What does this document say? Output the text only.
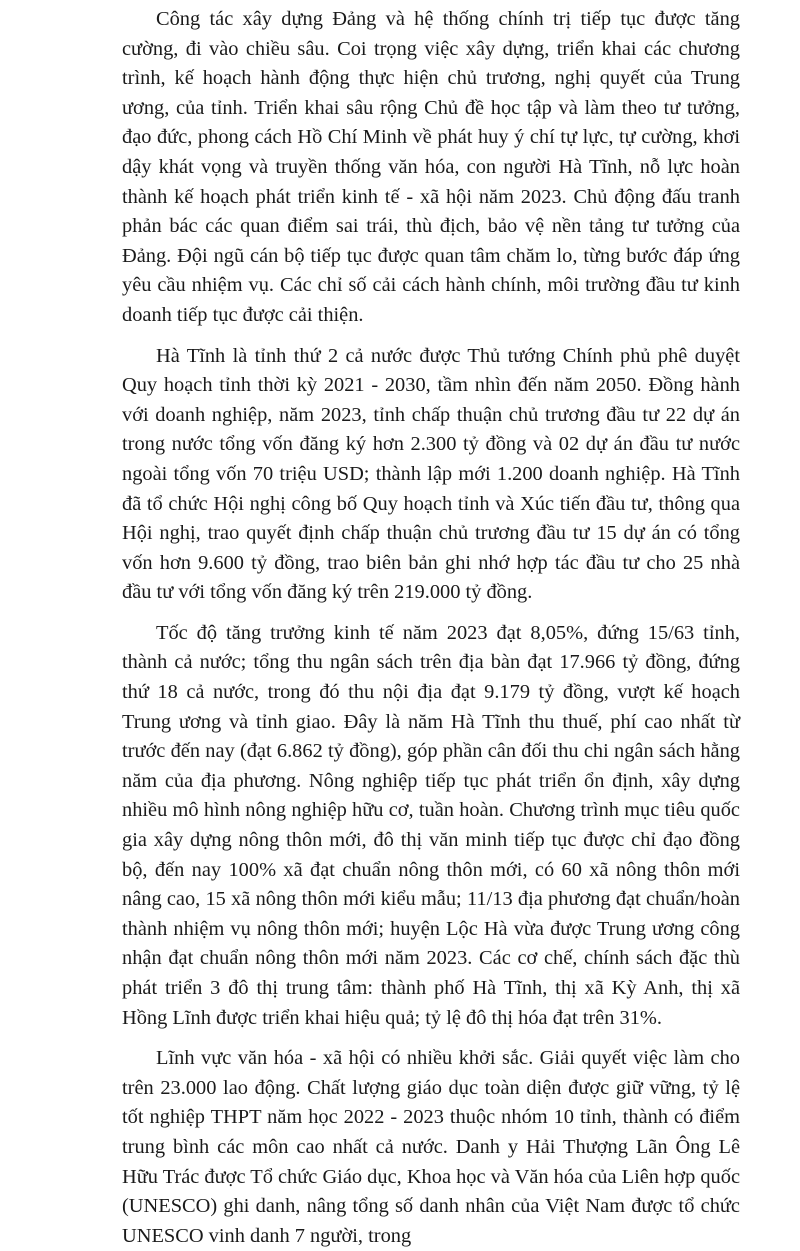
Công tác xây dựng Đảng và hệ thống chính trị tiếp tục được tăng cường, đi vào chiều sâu. Coi trọng việc xây dựng, triển khai các chương trình, kế hoạch hành động thực hiện chủ trương, nghị quyết của Trung ương, của tỉnh. Triển khai sâu rộng Chủ đề học tập và làm theo tư tưởng, đạo đức, phong cách Hồ Chí Minh về phát huy ý chí tự lực, tự cường, khơi dậy khát vọng và truyền thống văn hóa, con người Hà Tĩnh, nỗ lực hoàn thành kế hoạch phát triển kinh tế - xã hội năm 2023. Chủ động đấu tranh phản bác các quan điểm sai trái, thù địch, bảo vệ nền tảng tư tưởng của Đảng. Đội ngũ cán bộ tiếp tục được quan tâm chăm lo, từng bước đáp ứng yêu cầu nhiệm vụ. Các chỉ số cải cách hành chính, môi trường đầu tư kinh doanh tiếp tục được cải thiện.

Hà Tĩnh là tỉnh thứ 2 cả nước được Thủ tướng Chính phủ phê duyệt Quy hoạch tỉnh thời kỳ 2021 - 2030, tầm nhìn đến năm 2050. Đồng hành với doanh nghiệp, năm 2023, tỉnh chấp thuận chủ trương đầu tư 22 dự án trong nước tổng vốn đăng ký hơn 2.300 tỷ đồng và 02 dự án đầu tư nước ngoài tổng vốn 70 triệu USD; thành lập mới 1.200 doanh nghiệp. Hà Tĩnh đã tổ chức Hội nghị công bố Quy hoạch tỉnh và Xúc tiến đầu tư, thông qua Hội nghị, trao quyết định chấp thuận chủ trương đầu tư 15 dự án có tổng vốn hơn 9.600 tỷ đồng, trao biên bản ghi nhớ hợp tác đầu tư cho 25 nhà đầu tư với tổng vốn đăng ký trên 219.000 tỷ đồng.

Tốc độ tăng trưởng kinh tế năm 2023 đạt 8,05%, đứng 15/63 tỉnh, thành cả nước; tổng thu ngân sách trên địa bàn đạt 17.966 tỷ đồng, đứng thứ 18 cả nước, trong đó thu nội địa đạt 9.179 tỷ đồng, vượt kế hoạch Trung ương và tỉnh giao. Đây là năm Hà Tĩnh thu thuế, phí cao nhất từ trước đến nay (đạt 6.862 tỷ đồng), góp phần cân đối thu chi ngân sách hằng năm của địa phương. Nông nghiệp tiếp tục phát triển ổn định, xây dựng nhiều mô hình nông nghiệp hữu cơ, tuần hoàn. Chương trình mục tiêu quốc gia xây dựng nông thôn mới, đô thị văn minh tiếp tục được chỉ đạo đồng bộ, đến nay 100% xã đạt chuẩn nông thôn mới, có 60 xã nông thôn mới nâng cao, 15 xã nông thôn mới kiểu mẫu; 11/13 địa phương đạt chuẩn/hoàn thành nhiệm vụ nông thôn mới; huyện Lộc Hà vừa được Trung ương công nhận đạt chuẩn nông thôn mới năm 2023. Các cơ chế, chính sách đặc thù phát triển 3 đô thị trung tâm: thành phố Hà Tĩnh, thị xã Kỳ Anh, thị xã Hồng Lĩnh được triển khai hiệu quả; tỷ lệ đô thị hóa đạt trên 31%.

Lĩnh vực văn hóa - xã hội có nhiều khởi sắc. Giải quyết việc làm cho trên 23.000 lao động. Chất lượng giáo dục toàn diện được giữ vững, tỷ lệ tốt nghiệp THPT năm học 2022 - 2023 thuộc nhóm 10 tỉnh, thành có điểm trung bình các môn cao nhất cả nước. Danh y Hải Thượng Lãn Ông Lê Hữu Trác được Tổ chức Giáo dục, Khoa học và Văn hóa của Liên hợp quốc (UNESCO) ghi danh, nâng tổng số danh nhân của Việt Nam được tổ chức UNESCO vinh danh 7 người, trong
